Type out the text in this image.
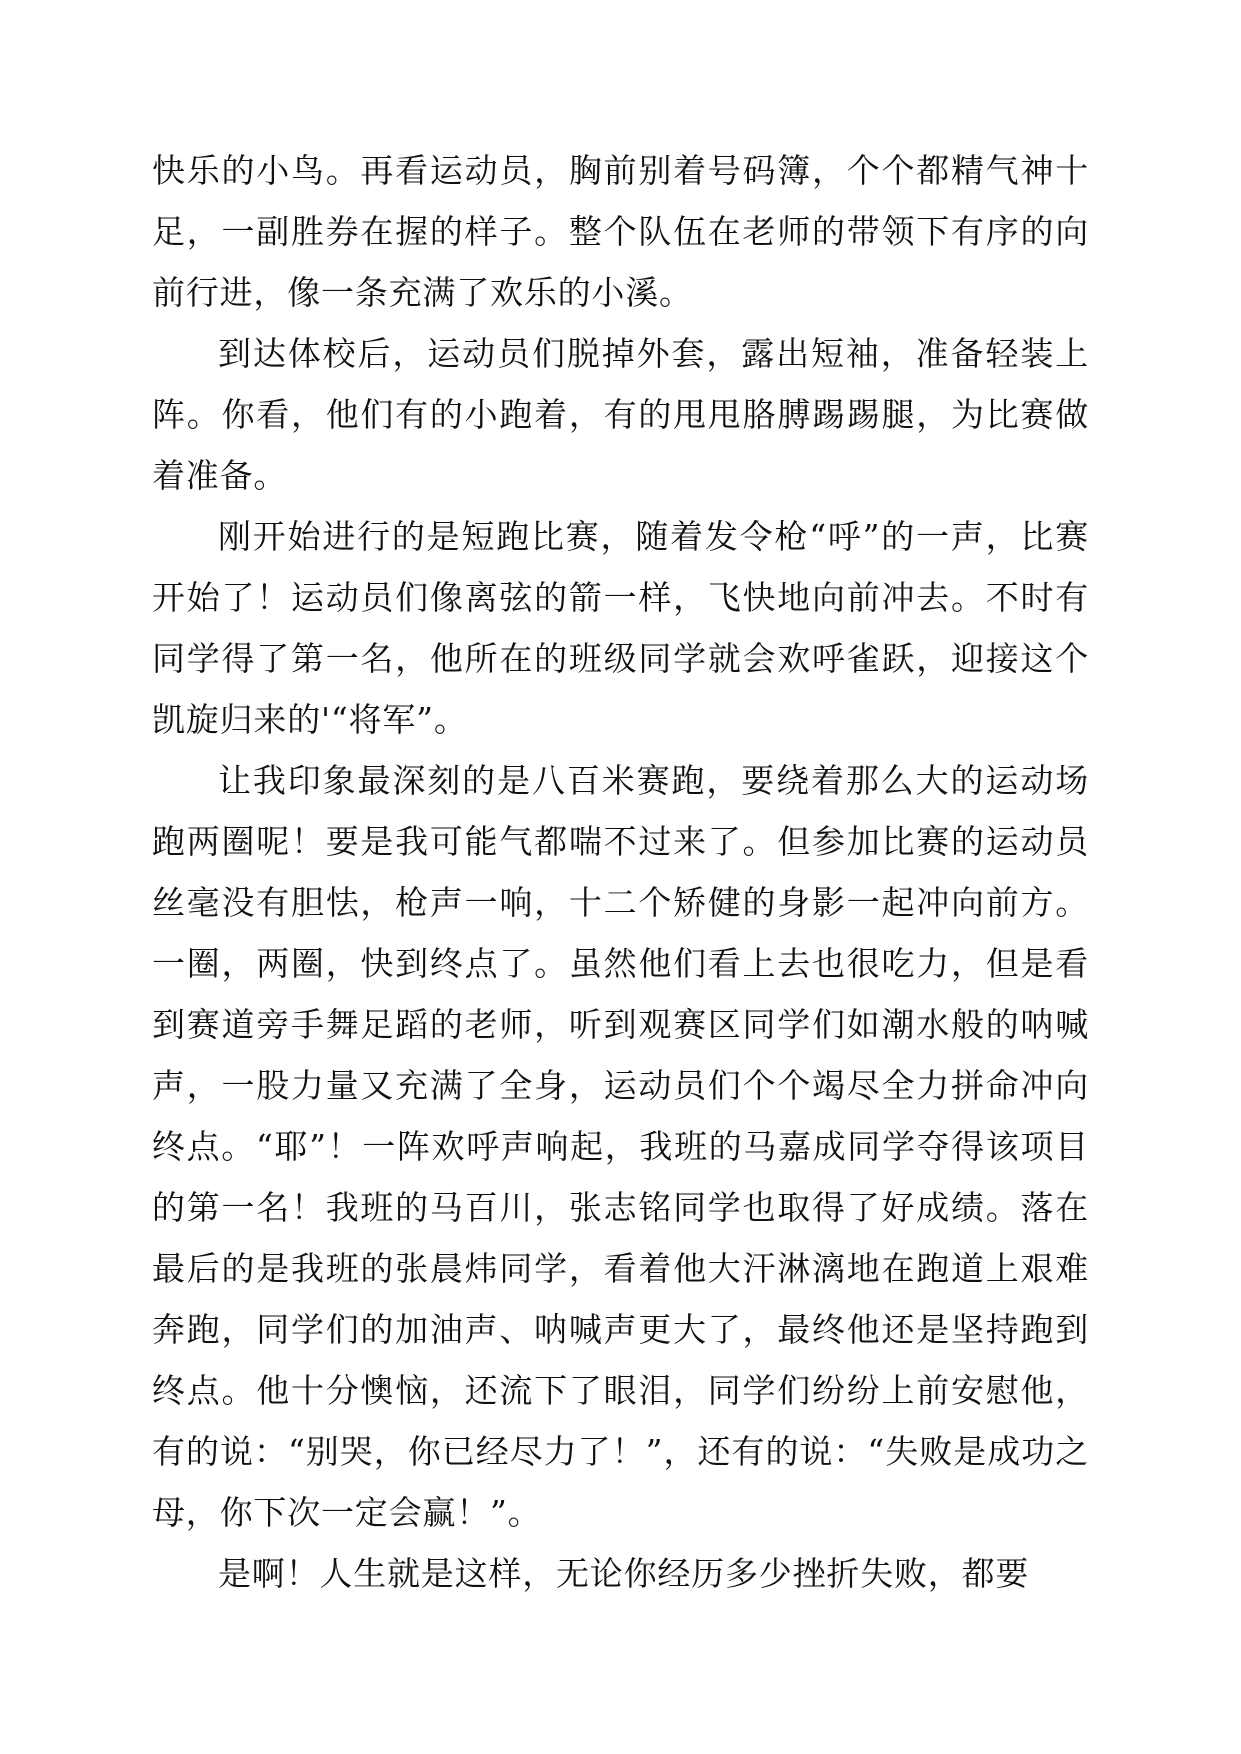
快乐的小鸟。再看运动员，胸前别着号码簿，个个都精气神十足，一副胜券在握的样子。整个队伍在老师的带领下有序的向前行进，像一条充满了欢乐的小溪。

到达体校后，运动员们脱掉外套，露出短袖，准备轻装上阵。你看，他们有的小跑着，有的甩甩胳膊踢踢腿，为比赛做着准备。

刚开始进行的是短跑比赛，随着发令枪“呼”的一声，比赛开始了！运动员们像离弦的箭一样，飞快地向前冲去。不时有同学得了第一名，他所在的班级同学就会欢呼雀跃，迎接这个凯旋归来的'“将军”。

让我印象最深刻的是八百米赛跑，要绕着那么大的运动场跑两圈呢！要是我可能气都喘不过来了。但参加比赛的运动员丝毫没有胆怯，枪声一响，十二个矫健的身影一起冲向前方。一圈，两圈，快到终点了。虽然他们看上去也很吃力，但是看到赛道旁手舞足蹈的老师，听到观赛区同学们如潮水般的呐喊声，一股力量又充满了全身，运动员们个个竭尽全力拼命冲向终点。“耶”！一阵欢呼声响起，我班的马嘉成同学夺得该项目的第一名！我班的马百川，张志铭同学也取得了好成绩。落在最后的是我班的张晨炜同学，看着他大汗淋漓地在跑道上艰难奔跑，同学们的加油声、呐喊声更大了，最终他还是坚持跑到终点。他十分懊恼，还流下了眼泪，同学们纷纷上前安慰他，有的说：“别哭，你已经尽力了！”，还有的说：“失败是成功之母，你下次一定会赢！”。

是啊！人生就是这样，无论你经历多少挫折失败，都要
